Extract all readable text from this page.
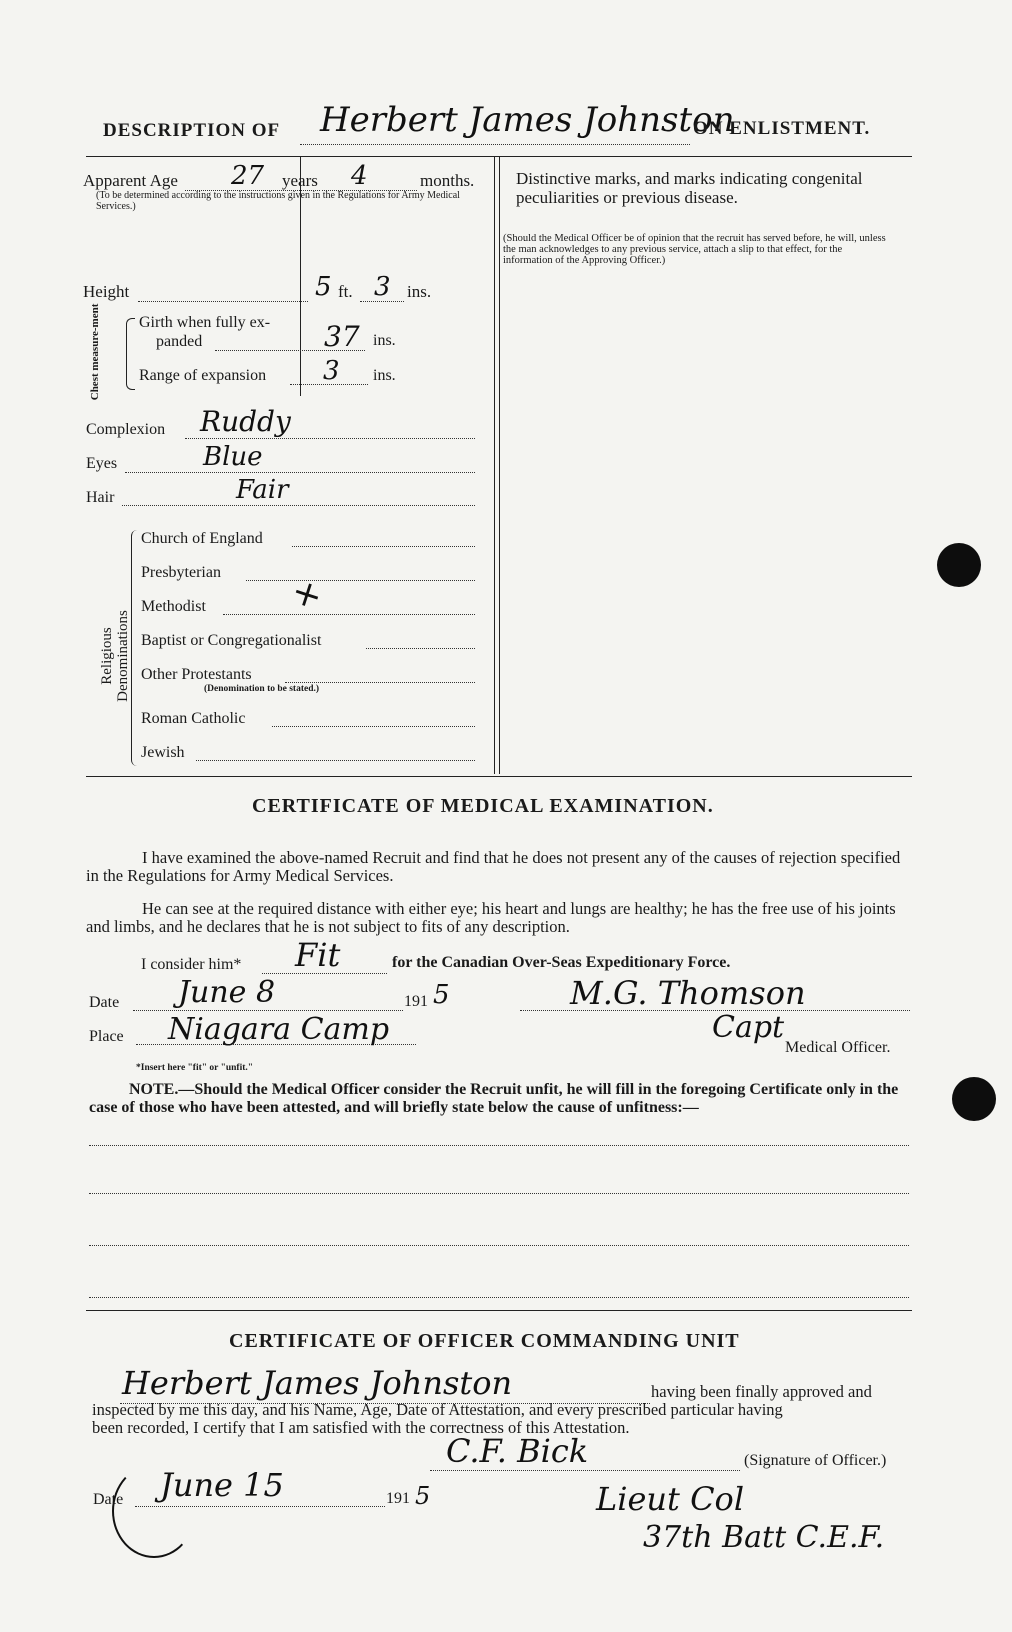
DESCRIPTION OF Herbert James Johnston
ON ENLISTMENT.
Apparent Age 27 years 4	months.
(To be determined according to the instructions given in the Regulations for Army Medical Services.)
Height	5 ft. 3 ins.
Chest measure-ment Girth when fully ex-
panded	37 ins.
Range of expansion 3 ins.
Complexion Ruddy
Eyes	Blue
Hair	Fair
Religious Denominations
Church of England
Presbyterian
Methodist +
Baptist or Congregationalist
Other Protestants
(Denomination to be stated.)
Roman Catholic
Jewish
Distinctive marks, and marks indicating congenital peculiarities or previous disease.
(Should the Medical Officer be of opinion that the recruit has served before, he will, unless the man acknowledges to any previous service, attach a slip to that effect, for the information of the Approving Officer.)
CERTIFICATE OF MEDICAL EXAMINATION.
I have examined the above-named Recruit and find that he does not present any of the causes of rejection specified in the Regulations for Army Medical Services.
He can see at the required distance with either eye; his heart and lungs are healthy; he has the free use of his joints and limbs, and he declares that he is not subject to fits of any description.
I consider him* Fit	for the Canadian Over-Seas Expeditionary Force.
Date June 8	191 5	M.G. Thomson
Place Niagara Camp	Capt
Medical Officer.
*Insert here "fit" or "unfit."
NOTE.—Should the Medical Officer consider the Recruit unfit, he will fill in the foregoing Certificate only in the case of those who have been attested, and will briefly state below the cause of unfitness:—
CERTIFICATE OF OFFICER COMMANDING UNIT
Herbert James Johnston	having been finally approved and
inspected by me this day, and his Name, Age, Date of Attestation, and every prescribed particular having
been recorded, I certify that I am satisfied with the correctness of this Attestation.
C.F. Bick	(Signature of Officer.)
Date June 15	191 5	Lieut Col
37th Batt C.E.F.
